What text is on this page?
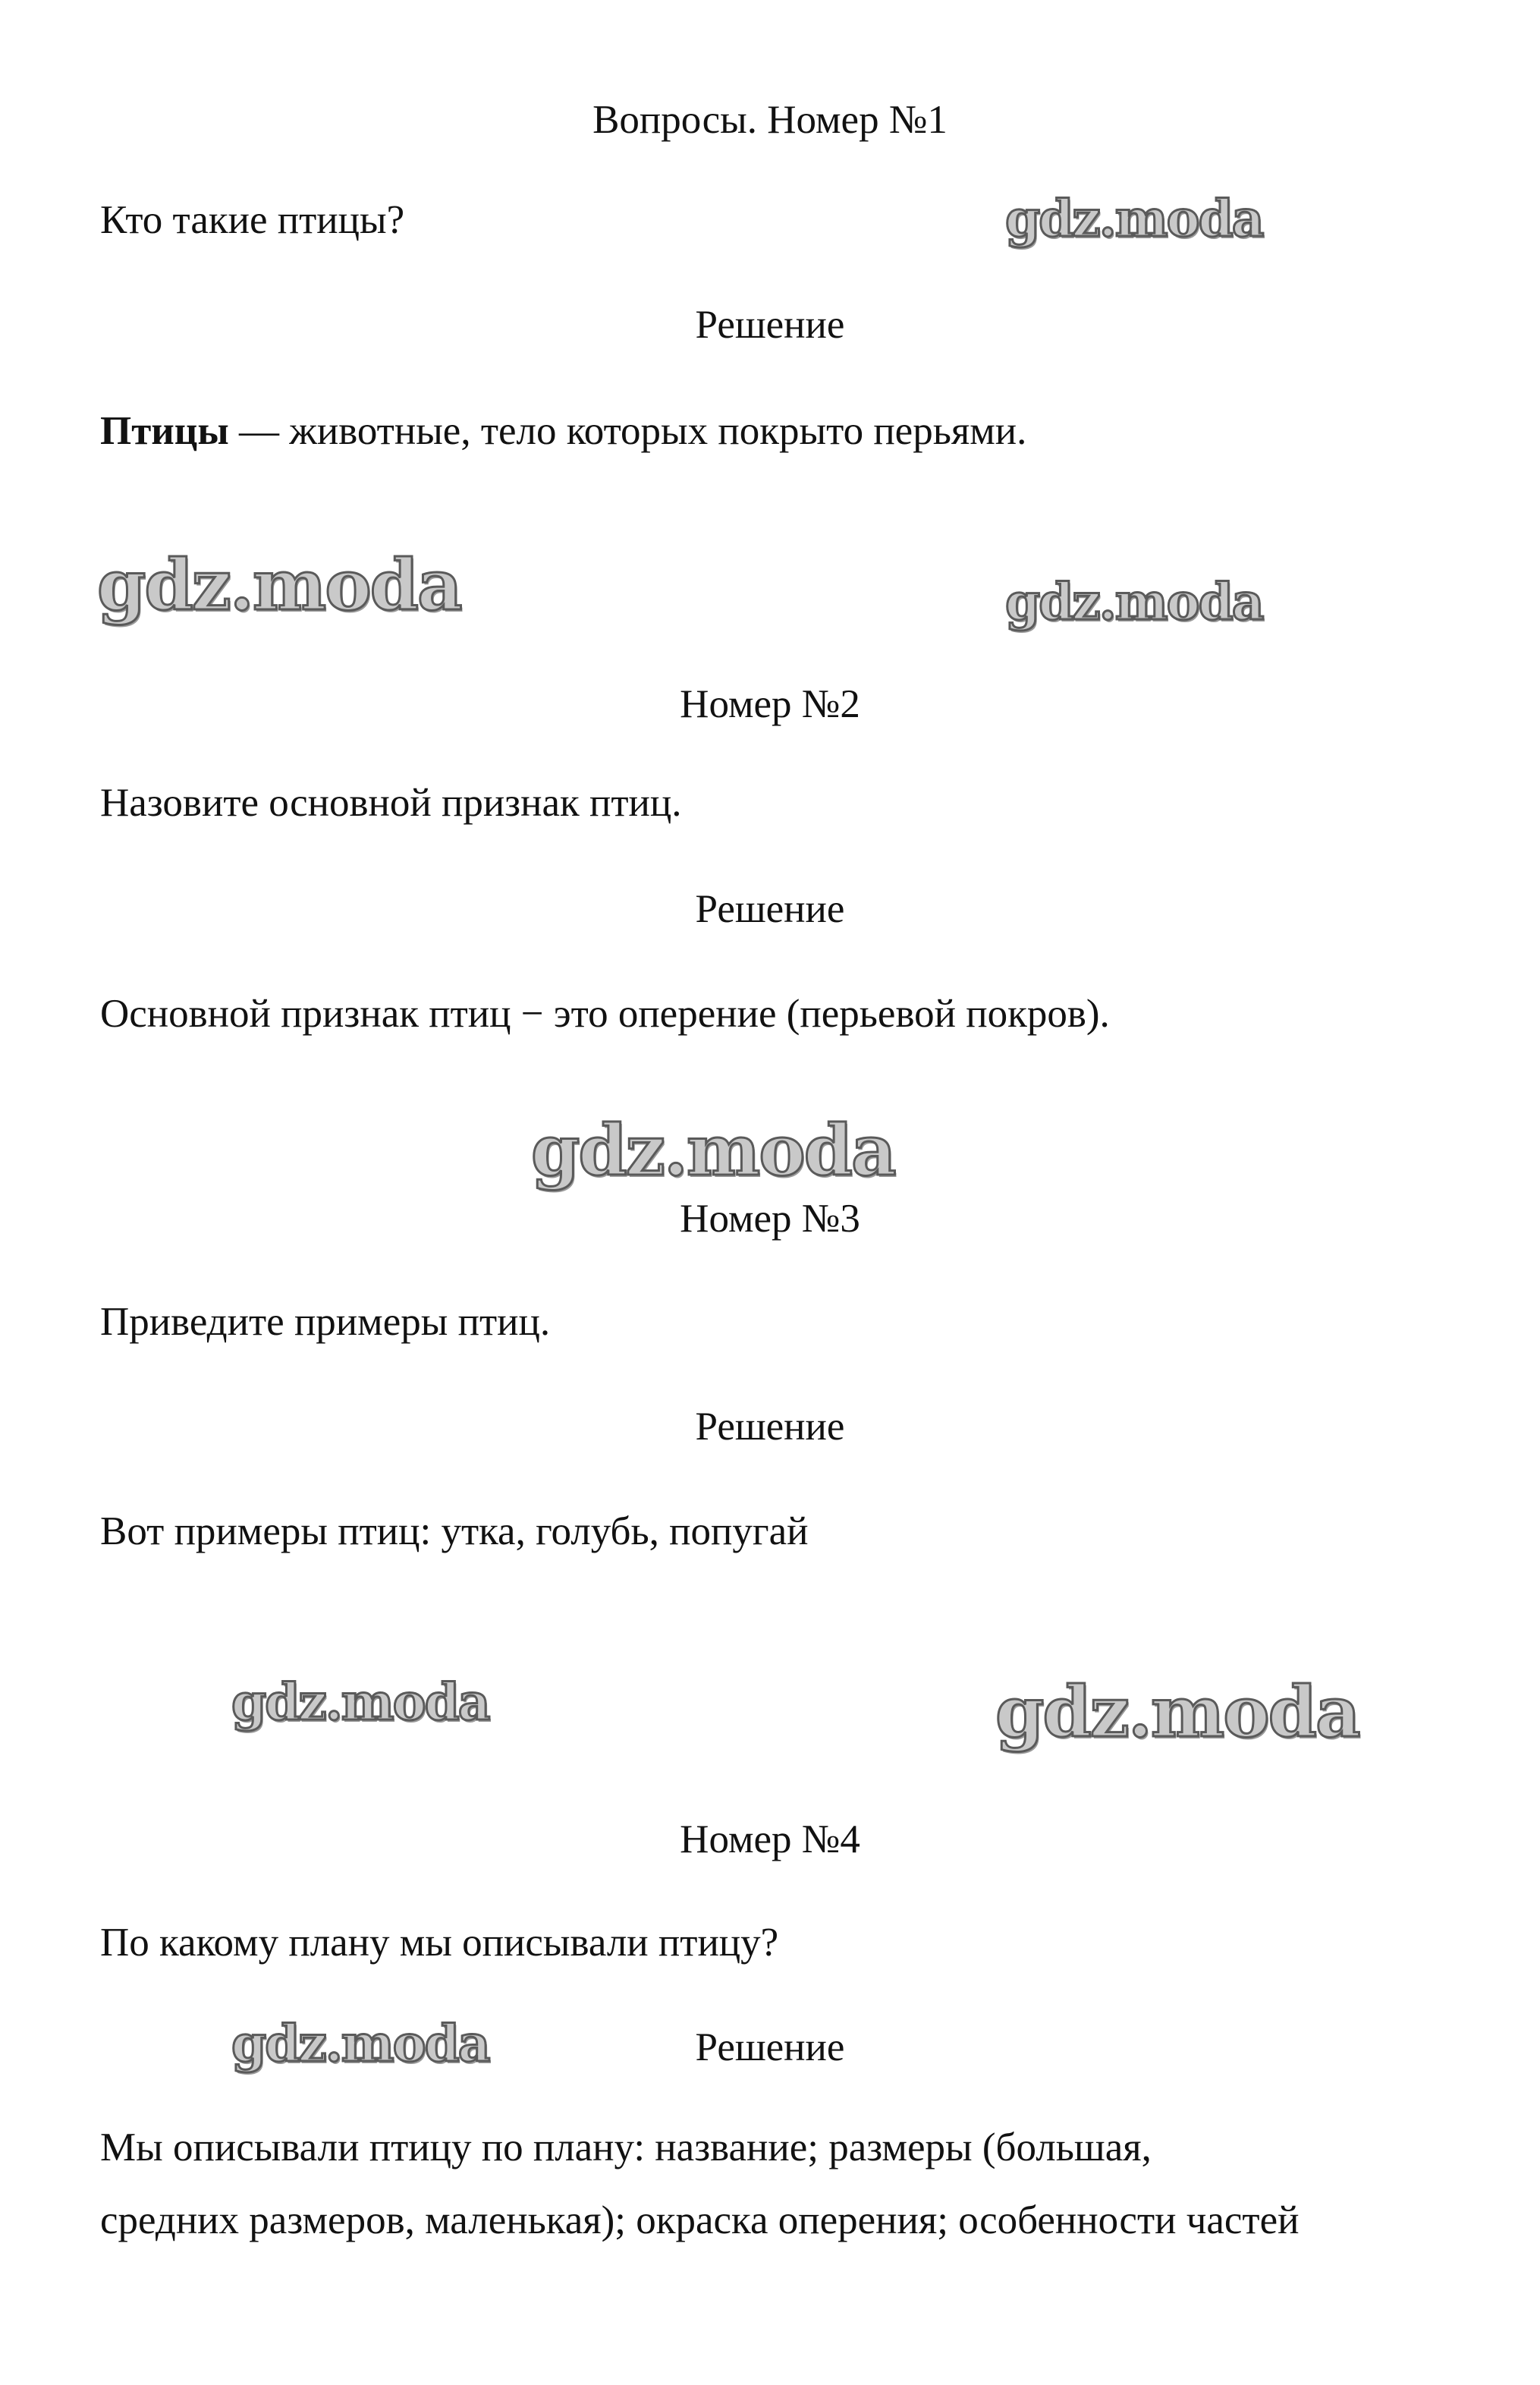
gdz.moda
gdz.moda	gdz.moda
gdz.moda
gdz.moda	gdz.moda
gdz.moda
Вопросы. Номер №1
Кто такие птицы?
Решение
Птицы — животные, тело которых покрыто перьями.
Номер №2
Назовите основной признак птиц.
Решение
Основной признак птиц − это оперение (перьевой покров).
Номер №3
Приведите примеры птиц.
Решение
Вот примеры птиц: утка, голубь, попугай
Номер №4
По какому плану мы описывали птицу?
Решение
Мы описывали птицу по плану: название; размеры (большая,
средних размеров, маленькая); окраска оперения; особенности частей
